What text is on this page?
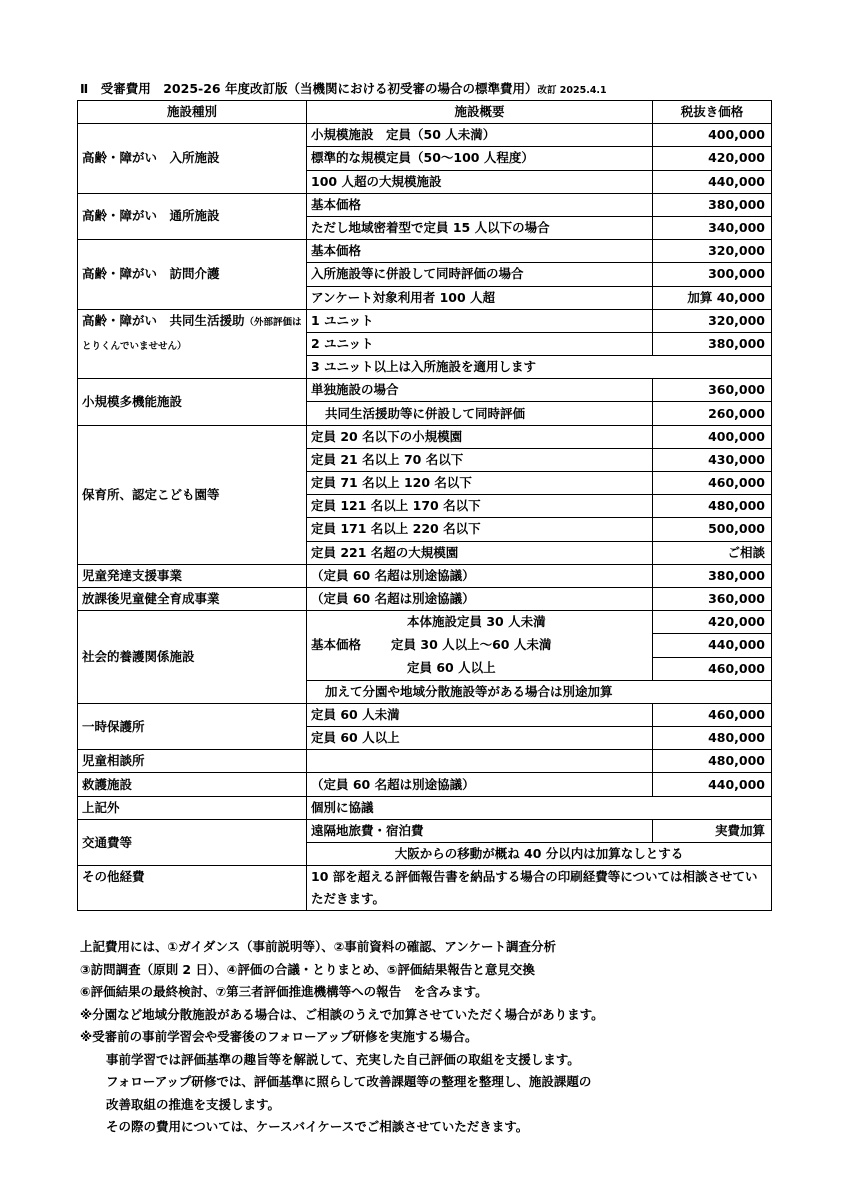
Ⅱ　受審費用　2025-26 年度改訂版（当機関における初受審の場合の標準費用）改訂 2025.4.1
施設種別	施設概要	税抜き価格
高齢・障がい　入所施設	小規模施設　定員（50 人未満）	400,000
	標準的な規模定員（50〜100 人程度）	420,000
	100 人超の大規模施設	440,000
高齢・障がい　通所施設	基本価格	380,000
	ただし地域密着型で定員 15 人以下の場合	340,000
高齢・障がい　訪問介護	基本価格	320,000
	入所施設等に併設して同時評価の場合	300,000
	アンケート対象利用者 100 人超	加算 40,000
高齢・障がい　共同生活援助（外部評価はとりくんでいませせん）	1 ユニット	320,000
	2 ユニット	380,000
	3 ユニット以上は入所施設を適用します	
小規模多機能施設	単独施設の場合	360,000
	共同生活援助等に併設して同時評価	260,000
保育所、認定こども園等	定員 20 名以下の小規模園	400,000
	定員 21 名以上 70 名以下	430,000
	定員 71 名以上 120 名以下	460,000
	定員 121 名以上 170 名以下	480,000
	定員 171 名以上 220 名以下	500,000
	定員 221 名超の大規模園	ご相談
児童発達支援事業	（定員 60 名超は別途協議）	380,000
放課後児童健全育成事業	（定員 60 名超は別途協議）	360,000
社会的養護関係施設	本体施設定員 30 人未満	420,000
	基本価格 定員 30 人以上〜60 人未満	440,000
	定員 60 人以上	460,000
	加えて分園や地域分散施設等がある場合は別途加算	
一時保護所	定員 60 人未満	460,000
	定員 60 人以上	480,000
児童相談所		480,000
救護施設	（定員 60 名超は別途協議）	440,000
上記外	個別に協議	
交通費等	遠隔地旅費・宿泊費	実費加算
	大阪からの移動が概ね 40 分以内は加算なしとする	
その他経費	10 部を超える評価報告書を納品する場合の印刷経費等については相談させていただきます。	
上記費用には、①ガイダンス（事前説明等）、②事前資料の確認、アンケート調査分析
③訪問調査（原則 2 日）、④評価の合議・とりまとめ、⑤評価結果報告と意見交換
⑥評価結果の最終検討、⑦第三者評価推進機構等への報告　を含みます。
※分園など地域分散施設がある場合は、ご相談のうえで加算させていただく場合があります。
※受審前の事前学習会や受審後のフォローアップ研修を実施する場合。
事前学習では評価基準の趣旨等を解説して、充実した自己評価の取組を支援します。
フォローアップ研修では、評価基準に照らして改善課題等の整理を整理し、施設課題の
改善取組の推進を支援します。
その際の費用については、ケースバイケースでご相談させていただきます。
